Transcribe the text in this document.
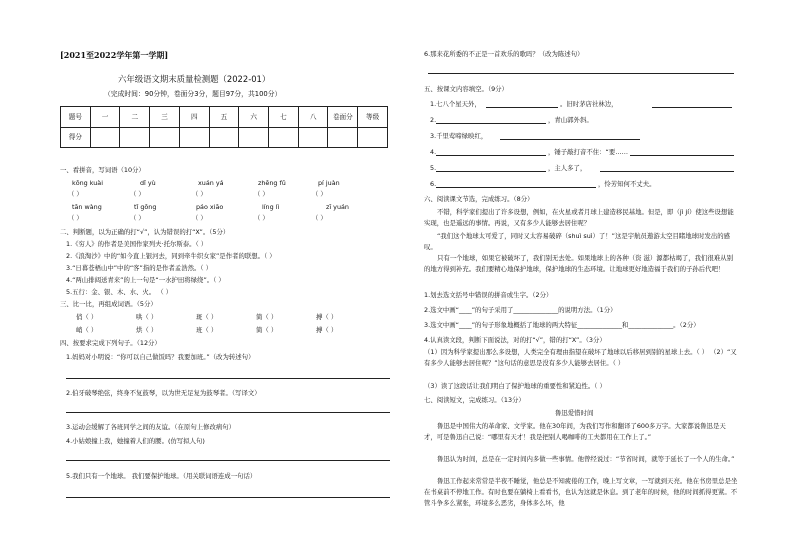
[2021至2022学年第一学期]
六年级语文期末质量检测题（2022-01）
（完成时间：90分钟，卷面分3分，题目97分，共100分）
题号	一	二	三	四	五	六	七	八	卷面分	等级
得分										
一、看拼音，写词语（10分）
kōng kuài	dǐ yù	xuán yá	zhēng fǔ	pí juàn
（ ）	（ ）	（ ）	（ ）	（ ）
tān wàng	tǐ gōng	páo xiāo	líng lì	zī yuán
（ ）	（ ）	（ ）	（ ）	（ ）
二、判断题，以为正确的打“√”，认为错误的打“X”。（5分）
1.《穷人》的作者是美国作家列夫·托尔斯泰。（ ）
2.《浪淘沙》中的“如今直上银河去，同到牵牛织女家”是作者的联想。（ ）
3.“日暮苍梧山中”中的“客”指的是作者孟浩然。（ ）
4.“两山排闼送青来”的上一句是“一水护田将绿绕”。（ ）
5.五行：金、银、木、水、火。 （ ）
三、比一比，再组成词语。（5分）
俏（ ）	哄（ ）	斑（ ）	简（ ）	搏（ ）
峭（ ）	烘（ ）	班（ ）	简（ ）	搏（ ）
四、按要求完成下列句子。（12分）
1.妈妈对小明说：“你可以自己做饭吗？我要加班。”（改为转述句）
2.伯牙破琴绝弦，终身不复鼓琴，以为世无足复为鼓琴者。（写译文）
3.运动会缓解了各班同学之间的友谊。（在原句上修改病句）
4.小姑娘撞上我，她撞着人们的腰。(仿写拟人句)
5.我们只有一个地球。 我们要保护地球。（用关联词语连成一句话）
6.那来花所委的不正是一首欢乐的歌吗？（改为陈述句）
五、按课文内容填空。（9分）
1.七八个星天外，	。旧时茅店社林边，
2.	，青山郭外斜。
3.千里莺啼绿映红，
4.	，锤子敲打音不住：“要……
5.	，主人多了，
6.	，怜芳知何不丈夫。
六、阅读课文节选，完成练习。（8分）
不错，科学家们提出了许多设想，例如，在火星或者月球上建造移民基地。但是，即（jì jí）使这些设想能实现，也是遥远的事情。再说，又有多少人能够去居住呢？
“我们这个地球太可爱了，同时又太容易破碎（shuì suì）了！”这是宇航员遨游太空目睹地球时发出的感叹。
只有一个地球，如果它被破坏了，我们别无去处。如果地球上的各种（资 滋）源都枯竭了，我们很难从别的地方得到补充。我们要精心地保护地球，保护地球的生态环境。让地球更好地造福于我们的子孙后代吧！
1.划去选文括号中错误的拼音或生字。（2分）
2.选文中画“____”的句子采用了______________的说明方法。（1分）
3.选文中画“____”的句子形象地概括了地球的两大特征______________和______________。（2分）
4.认真读文段，判断下面说法，对的打“√”，错的打“X”。（3分）
（1）因为科学家提出那么多设想，人类完全有理由指望在破坏了地球以后移居到别的星球上去。（ ） （2）“又有多少人能够去居住呢？”这句话的意思是没有多少人能够去居住。（ ）
（3）读了这段话让我们明白了保护地球的重要性和紧迫性。（ ）
七、阅读短文，完成练习。（13分）
鲁迅爱惜时间
鲁迅是中国伟大的革命家、文学家。他在30年间，为我们写作和翻译了600多万字。大家都说鲁迅是天才，可是鲁迅自己说：“哪里有天才！我是把别人喝咖啡的工夫都用在工作上了。”
鲁迅认为时间，总是在一定时间内多做一些事情。他曾经说过：“节省时间，就等于延长了一个人的生命。”
鲁迅工作起来常常是半夜不睡觉，他总是不知疲倦的工作，晚上写文章，一写就到天亮。他在书房里总是坐在书桌前不停地工作。有时也要在躺椅上看看书，也认为这就是休息。到了老年的时候，他的时间抓得更紧。不管斗争多么紧张，环境多么恶劣，身体多么坏，他
